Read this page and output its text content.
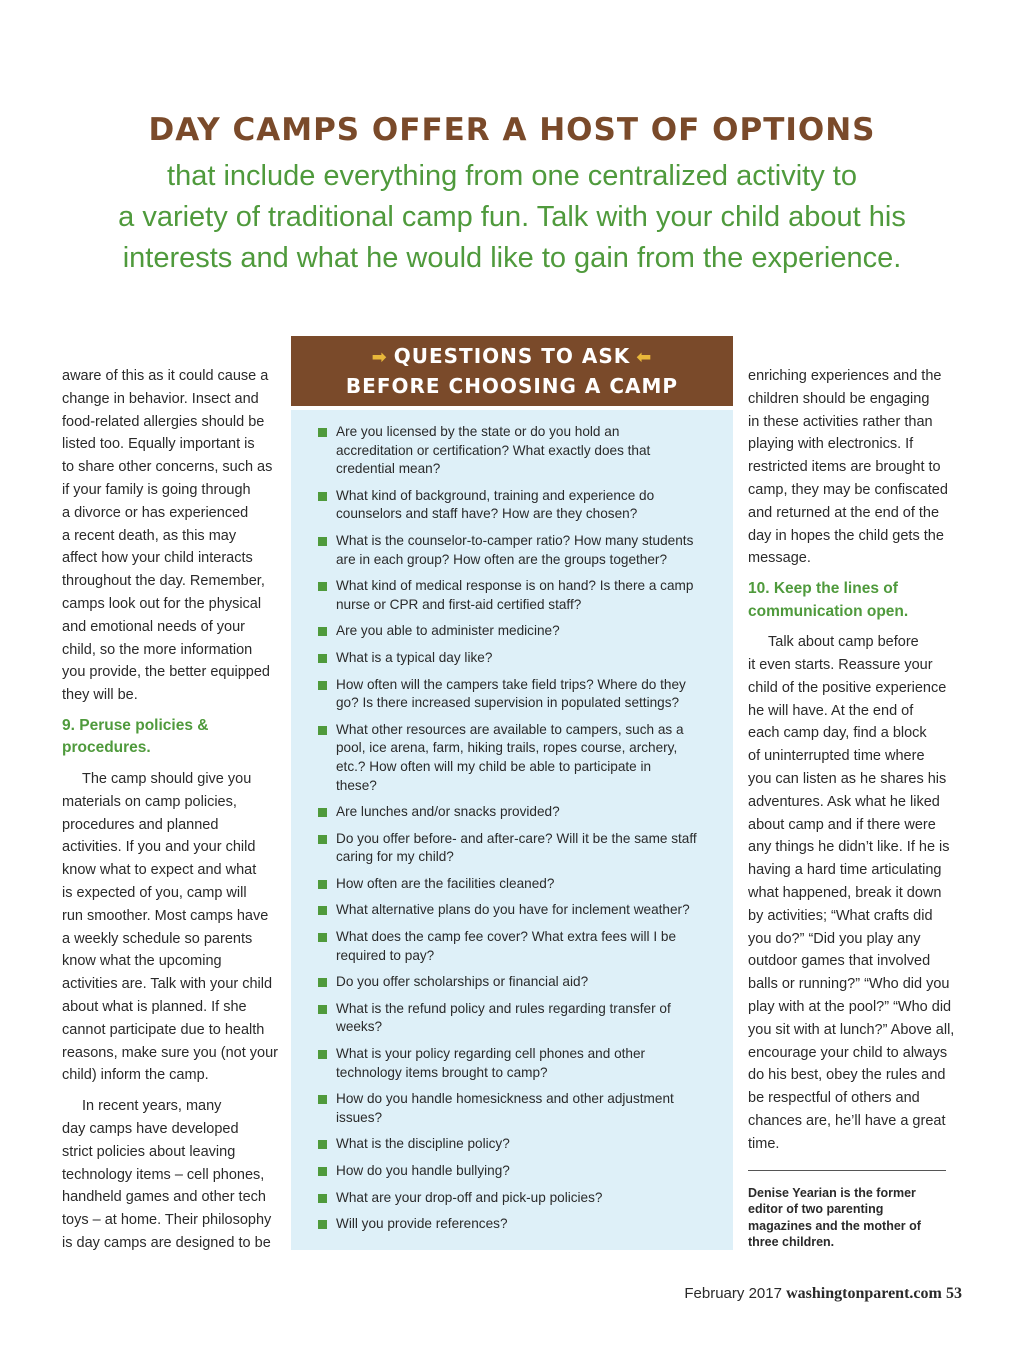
DAY CAMPS OFFER A HOST OF OPTIONS
that include everything from one centralized activity to
a variety of traditional camp fun. Talk with your child about his
interests and what he would like to gain from the experience.

aware of this as it could cause a
change in behavior. Insect and
food-related allergies should be
listed too. Equally important is
to share other concerns, such as
if your family is going through
a divorce or has experienced
a recent death, as this may
affect how your child interacts
throughout the day. Remember,
camps look out for the physical
and emotional needs of your
child, so the more information
you provide, the better equipped
they will be.

9. Peruse policies &
procedures.

The camp should give you
materials on camp policies,
procedures and planned
activities. If you and your child
know what to expect and what
is expected of you, camp will
run smoother. Most camps have
a weekly schedule so parents
know what the upcoming
activities are. Talk with your child
about what is planned. If she
cannot participate due to health
reasons, make sure you (not your
child) inform the camp.

In recent years, many
day camps have developed
strict policies about leaving
technology items – cell phones,
handheld games and other tech
toys – at home. Their philosophy
is day camps are designed to be

➡ QUESTIONS TO ASK ⬅
BEFORE CHOOSING A CAMP
Are you licensed by the state or do you hold an
accreditation or certification? What exactly does that
credential mean?
What kind of background, training and experience do
counselors and staff have? How are they chosen?
What is the counselor-to-camper ratio? How many students
are in each group? How often are the groups together?
What kind of medical response is on hand? Is there a camp
nurse or CPR and first-aid certified staff?
Are you able to administer medicine?
What is a typical day like?
How often will the campers take field trips? Where do they
go? Is there increased supervision in populated settings?
What other resources are available to campers, such as a
pool, ice arena, farm, hiking trails, ropes course, archery,
etc.? How often will my child be able to participate in
these?
Are lunches and/or snacks provided?
Do you offer before- and after-care? Will it be the same staff
caring for my child?
How often are the facilities cleaned?
What alternative plans do you have for inclement weather?
What does the camp fee cover? What extra fees will I be
required to pay?
Do you offer scholarships or financial aid?
What is the refund policy and rules regarding transfer of
weeks?
What is your policy regarding cell phones and other
technology items brought to camp?
How do you handle homesickness and other adjustment
issues?
What is the discipline policy?
How do you handle bullying?
What are your drop-off and pick-up policies?
Will you provide references?

enriching experiences and the
children should be engaging
in these activities rather than
playing with electronics. If
restricted items are brought to
camp, they may be confiscated
and returned at the end of the
day in hopes the child gets the
message.

10. Keep the lines of
communication open.

Talk about camp before
it even starts. Reassure your
child of the positive experience
he will have. At the end of
each camp day, find a block
of uninterrupted time where
you can listen as he shares his
adventures. Ask what he liked
about camp and if there were
any things he didn’t like. If he is
having a hard time articulating
what happened, break it down
by activities; “What crafts did
you do?” “Did you play any
outdoor games that involved
balls or running?” “Who did you
play with at the pool?” “Who did
you sit with at lunch?” Above all,
encourage your child to always
do his best, obey the rules and
be respectful of others and
chances are, he’ll have a great
time.

Denise Yearian is the former
editor of two parenting
magazines and the mother of
three children.
February 2017 washingtonparent.com 53
